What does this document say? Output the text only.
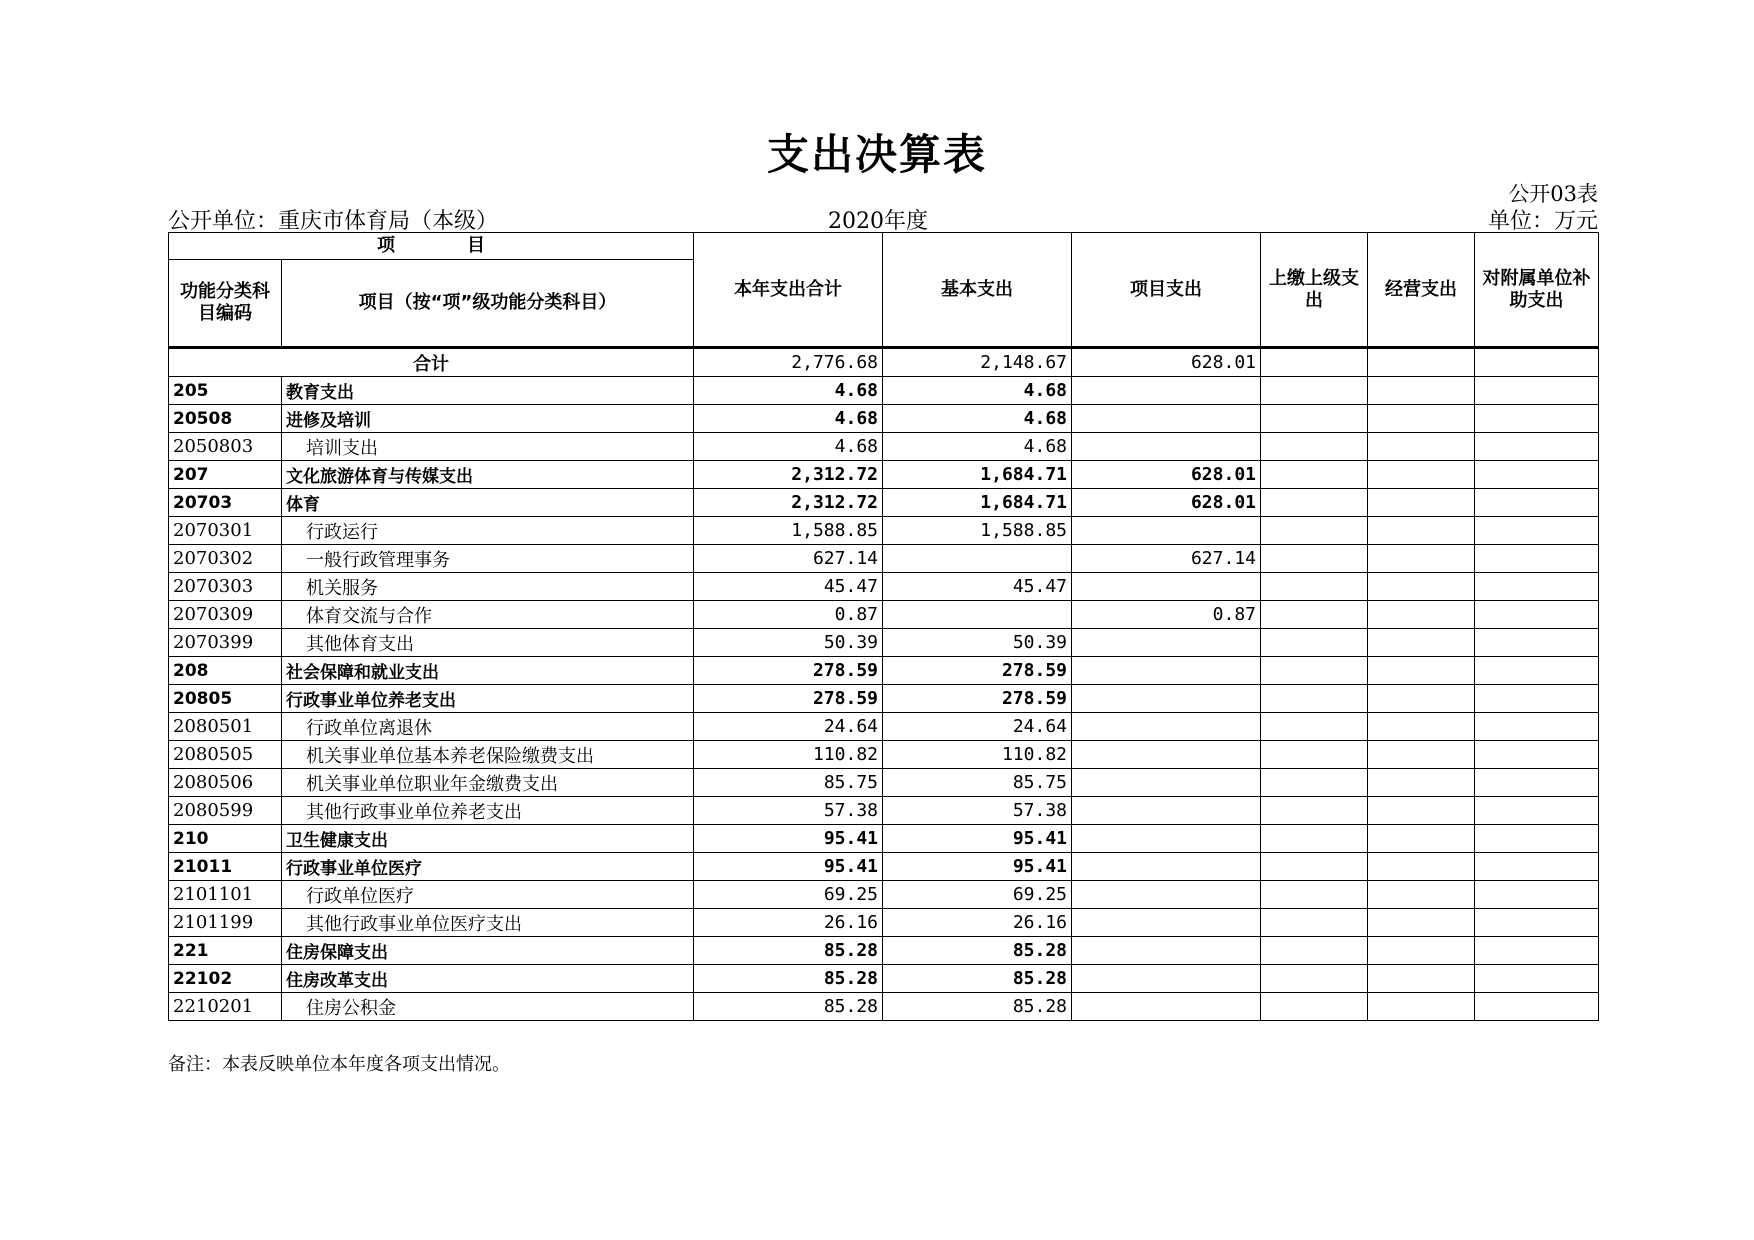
支出决算表
公开03表
公开单位：重庆市体育局（本级）	2020年度	单位：万元
项　　　　目		本年支出合计	基本支出	项目支出	上缴上级支出	经营支出	对附属单位补助支出
功能分类科目编码	项目（按“项”级功能分类科目）						
合计		2,776.68	2,148.67	628.01			
205	教育支出	4.68	4.68				
20508	进修及培训	4.68	4.68				
2050803	培训支出	4.68	4.68				
207	文化旅游体育与传媒支出	2,312.72	1,684.71	628.01			
20703	体育	2,312.72	1,684.71	628.01			
2070301	行政运行	1,588.85	1,588.85				
2070302	一般行政管理事务	627.14		627.14			
2070303	机关服务	45.47	45.47				
2070309	体育交流与合作	0.87		0.87			
2070399	其他体育支出	50.39	50.39				
208	社会保障和就业支出	278.59	278.59				
20805	行政事业单位养老支出	278.59	278.59				
2080501	行政单位离退休	24.64	24.64				
2080505	机关事业单位基本养老保险缴费支出	110.82	110.82				
2080506	机关事业单位职业年金缴费支出	85.75	85.75				
2080599	其他行政事业单位养老支出	57.38	57.38				
210	卫生健康支出	95.41	95.41				
21011	行政事业单位医疗	95.41	95.41				
2101101	行政单位医疗	69.25	69.25				
2101199	其他行政事业单位医疗支出	26.16	26.16				
221	住房保障支出	85.28	85.28				
22102	住房改革支出	85.28	85.28				
2210201	住房公积金	85.28	85.28				
备注：本表反映单位本年度各项支出情况。
